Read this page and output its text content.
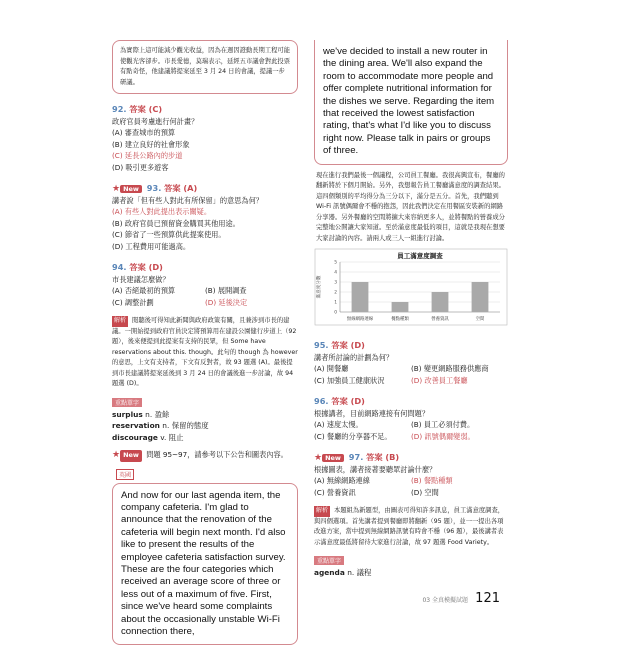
為實際上這可能減少觀光收益，因為在週因證動長期工程可能使觀光客卻步。市長愛德，莫瑞表示，延經五市議會對此投票有點奇怪，他建議將提案延至 3 月 24 日的會議，提議一步研議。
92. 答案 (C)
政府官員考慮進行何計畫？
(A) 審查城市的預算
(B) 建立良好的社會形象
(C) 延長公路內的步道
(D) 吸引更多遊客
★ New 93. 答案 (A)
講者說「但有些人對此有所保留」的意思為何？
(A) 有些人對此提出表示關疑。
(B) 政府官員已預留資金購買其他用途。
(C) 節省了一些預算供此提案使用。
(D) 工程費用可能過高。
94. 答案 (D)
市長建議怎麼做？
(A) 否絕最初的預算	(B) 展開調查
(C) 調整計劃	(D) 延後決定
解析 閱聽後可得知此新聞與政府政策有關，且兼涉到市長的建議。一開始提到政府官員決定將預算用在建設公園健行步道上（92 題），後來便提到此提案有支持的民眾，但 Some have reservations about this. though。此句的 though 為 however 的意思，上文有支持者，下文有反對者，故 93 題選 (A)。最後提到市長建議將提案延後到 3 月 24 日的會議後進一步討論，故 94 題選 (D)。
重點單字
surplus n. 盈餘
reservation n. 保留的態度
discourage v. 阻止
★ New 問題 95~97，請參考以下公告和圖表內容。
英國
And now for our last agenda item, the company cafeteria. I'm glad to announce that the renovation of the cafeteria will begin next month. I'd also like to present the results of the employee cafeteria satisfaction survey. These are the four categories which received an average score of three or less out of a maximum of five. First, since we've heard some complaints about the occasionally unstable Wi-Fi connection there,
we've decided to install a new router in the dining area. We'll also expand the room to accommodate more people and offer complete nutritional information for the dishes we serve. Regarding the item that received the lowest satisfaction rating, that's what I'd like you to discuss right now. Please talk in pairs or groups of three.
現在進行我們最後一個議程，公司員工餐廳。我很高興宣布，餐廳的翻新將於下個月開始。另外，我想報告員工餐廳滿意度的調查結果。這四個類別的平均得分為三分以下，滿分是五分。首先，我們聽到 Wi-Fi 訊號偶爾會不穩的抱怨，因此我們決定在用餐區安裝新的網路分享器。另外餐廳的空間將擴大來容納更多人，並將餐點的營養成分完整地公開讓大家知道。至於滿意度最低的項目，這就是我現在想要大家討論的內容。請兩人或三人一組進行討論。
員工滿意度調查
滿意度分數
0
1
2
3
4
5
無線網路連線	餐點種類	營養資訊	空間
95. 答案 (D)
講者所討論的計劃為何？
(A) 開餐廳	(B) 變更網路服務供應商
(C) 加強員工健康狀況	(D) 改善員工餐廳
96. 答案 (D)
根據講者，目前網路連接有何問題？
(A) 速度太慢。	(B) 員工必須付費。
(C) 餐廳的分享器不足。	(D) 訊號偶爾變弱。
★ New 97. 答案 (B)
根據圖表，講者接著要聽眾討論什麼？
(A) 無線網路連線	(B) 餐點種類
(C) 營養資訊	(D) 空間
解析 本題組為新題型，由圖表可得知許多訊息，員工滿意度調查，與四個選項。首先講者提到餐廳即將翻新（95 題），並一一提出各項改進方案，當中提到無線網路訊號有時會不穩（96 題），最後講者表示滿意度最低將留待大家進行討論，故 97 題選 Food Variety。
重點單字
agenda n. 議程
03 全真模擬試題 121
